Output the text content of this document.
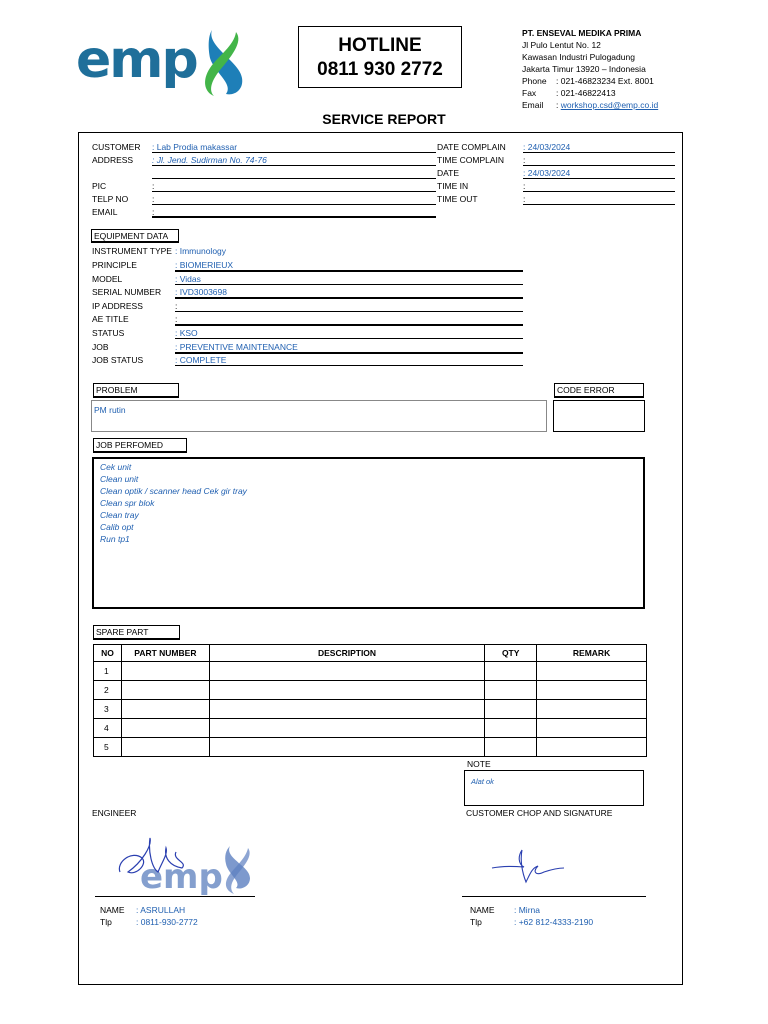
emp	HOTLINE
0811 930 2772
PT. ENSEVAL MEDIKA PRIMA
Jl Pulo Lentut No. 12
Kawasan Industri Pulogadung
Jakarta Timur 13920 – Indonesia
Phone : 021-46823234 Ext. 8001
Fax : 021-46822413
Email : workshop.csd@emp.co.id
SERVICE REPORT
CUSTOMER : Lab Prodia makassar
ADDRESS : Jl. Jend. Sudirman No. 74-76
PIC	:
TELP NO	:
EMAIL	:
DATE COMPLAIN : 24/03/2024
TIME COMPLAIN :
DATE	: 24/03/2024
TIME IN	:
TIME OUT	:
EQUIPMENT DATA
INSTRUMENT TYPE : Immunology
PRINCIPLE	: BIOMERIEUX
MODEL	: Vidas
SERIAL NUMBER : IVD3003698
IP ADDRESS	:
AE TITLE	:
STATUS	: KSO
JOB	: PREVENTIVE MAINTENANCE
JOB STATUS	: COMPLETE
PROBLEM
PM rutin
CODE ERROR
JOB PERFOMED
Cek unit
Clean unit
Clean optik / scanner head Cek gir tray
Clean spr blok
Clean tray
Calib opt
Run tp1
SPARE PART
NO	PART NUMBER	DESCRIPTION	QTY	REMARK
1				
2				
3				
4				
5				
NOTE
Alat ok
ENGINEER	CUSTOMER CHOP AND SIGNATURE
emp
NAME : ASRULLAH
Tlp	: 0811-930-2772
NAME : Mirna
Tlp	: +62 812-4333-2190
